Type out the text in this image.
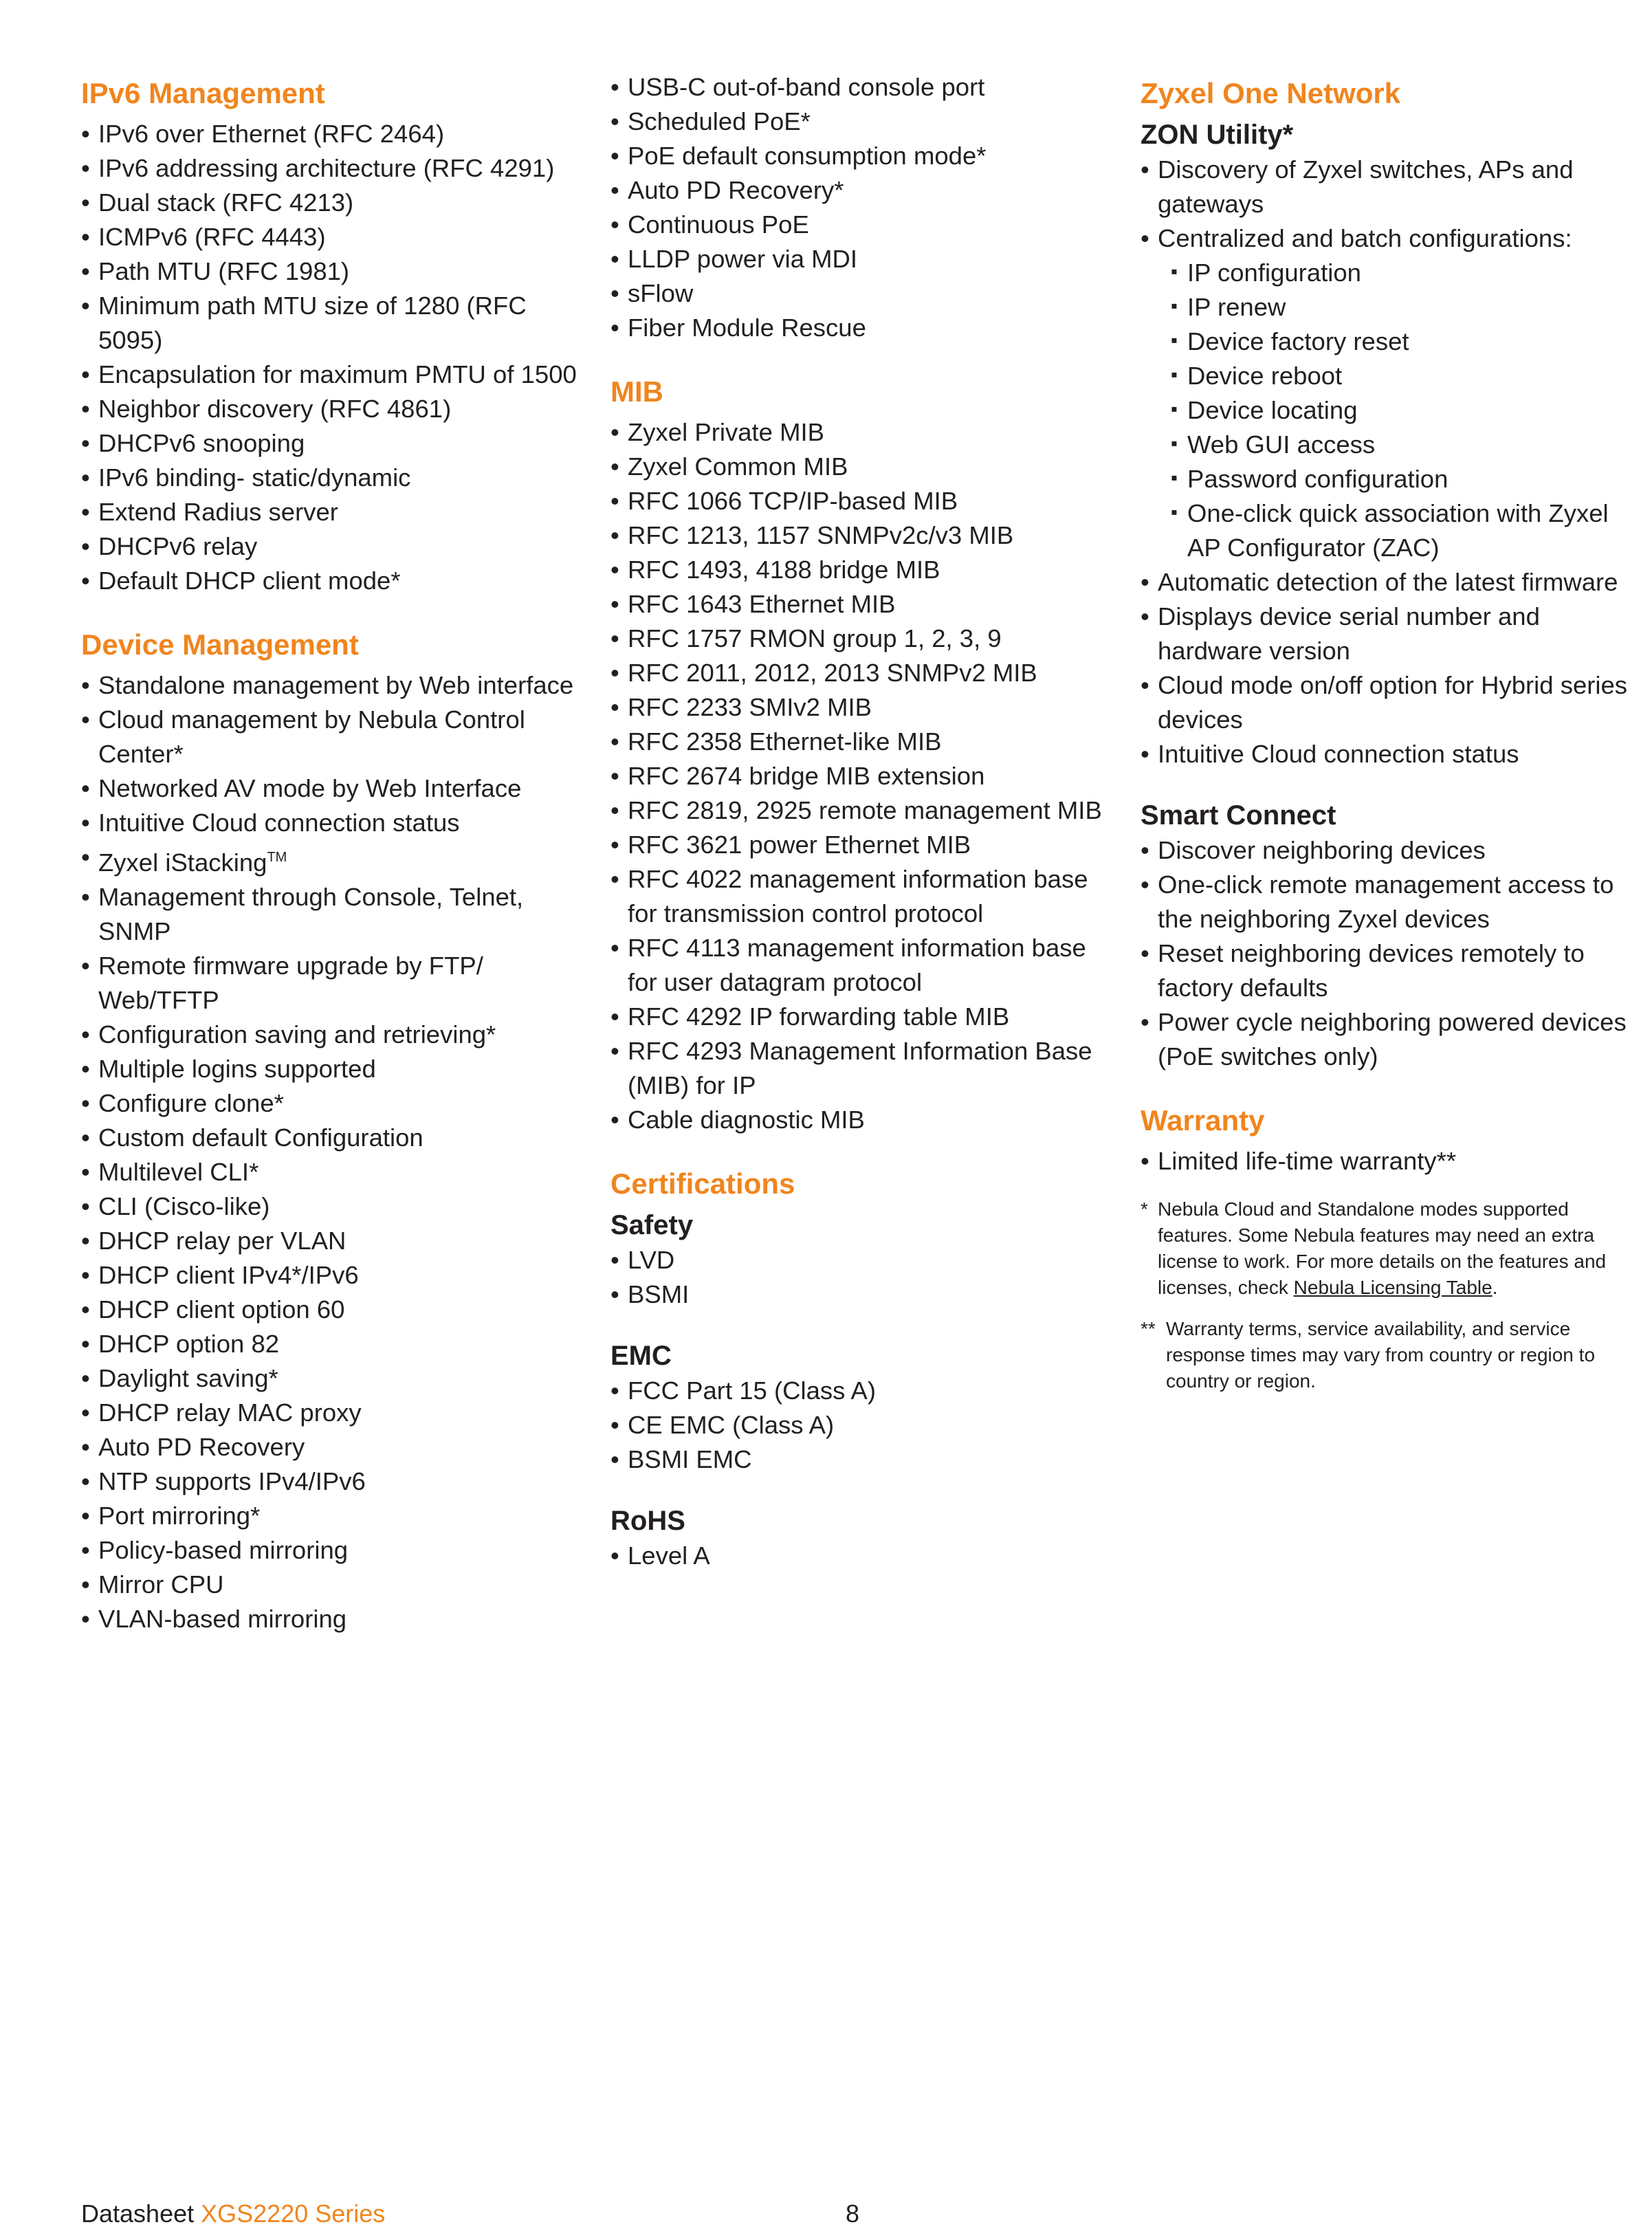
IPv6 Management
• IPv6 over Ethernet (RFC 2464)
• IPv6 addressing architecture (RFC 4291)
• Dual stack (RFC 4213)
• ICMPv6 (RFC 4443)
• Path MTU (RFC 1981)
• Minimum path MTU size of 1280 (RFC 5095)
• Encapsulation for maximum PMTU of 1500
• Neighbor discovery (RFC 4861)
• DHCPv6 snooping
• IPv6 binding- static/dynamic
• Extend Radius server
• DHCPv6 relay
• Default DHCP client mode*
Device Management
• Standalone management by Web interface
• Cloud management by Nebula Control Center*
• Networked AV mode by Web Interface
• Intuitive Cloud connection status
• Zyxel iStacking™
• Management through Console, Telnet, SNMP
• Remote firmware upgrade by FTP/ Web/TFTP
• Configuration saving and retrieving*
• Multiple logins supported
• Configure clone*
• Custom default Configuration
• Multilevel CLI*
• CLI (Cisco-like)
• DHCP relay per VLAN
• DHCP client IPv4*/IPv6
• DHCP client option 60
• DHCP option 82
• Daylight saving*
• DHCP relay MAC proxy
• Auto PD Recovery
• NTP supports IPv4/IPv6
• Port mirroring*
• Policy-based mirroring
• Mirror CPU
• VLAN-based mirroring
• USB-C out-of-band console port
• Scheduled PoE*
• PoE default consumption mode*
• Auto PD Recovery*
• Continuous PoE
• LLDP power via MDI
• sFlow
• Fiber Module Rescue
MIB
• Zyxel Private MIB
• Zyxel Common MIB
• RFC 1066 TCP/IP-based MIB
• RFC 1213, 1157 SNMPv2c/v3 MIB
• RFC 1493, 4188 bridge MIB
• RFC 1643 Ethernet MIB
• RFC 1757 RMON group 1, 2, 3, 9
• RFC 2011, 2012, 2013 SNMPv2 MIB
• RFC 2233 SMIv2 MIB
• RFC 2358 Ethernet-like MIB
• RFC 2674 bridge MIB extension
• RFC 2819, 2925 remote management MIB
• RFC 3621 power Ethernet MIB
• RFC 4022 management information base for transmission control protocol
• RFC 4113 management information base for user datagram protocol
• RFC 4292 IP forwarding table MIB
• RFC 4293 Management Information Base (MIB) for IP
• Cable diagnostic MIB
Certifications
Safety
• LVD
• BSMI
EMC
• FCC Part 15 (Class A)
• CE EMC (Class A)
• BSMI EMC
RoHS
• Level A
Zyxel One Network
ZON Utility*
• Discovery of Zyxel switches, APs and gateways
• Centralized and batch configurations:
▪ IP configuration
▪ IP renew
▪ Device factory reset
▪ Device reboot
▪ Device locating
▪ Web GUI access
▪ Password configuration
▪ One-click quick association with Zyxel AP Configurator (ZAC)
• Automatic detection of the latest firmware
• Displays device serial number and hardware version
• Cloud mode on/off option for Hybrid series devices
• Intuitive Cloud connection status
Smart Connect
• Discover neighboring devices
• One-click remote management access to the neighboring Zyxel devices
• Reset neighboring devices remotely to factory defaults
• Power cycle neighboring powered devices (PoE switches only)
Warranty
• Limited life-time warranty**

* Nebula Cloud and Standalone modes supported features. Some Nebula features may need an extra license to work. For more details on the features and licenses, check Nebula Licensing Table.

** Warranty terms, service availability, and service response times may vary from country or region to country or region.

Datasheet XGS2220 Series	8
